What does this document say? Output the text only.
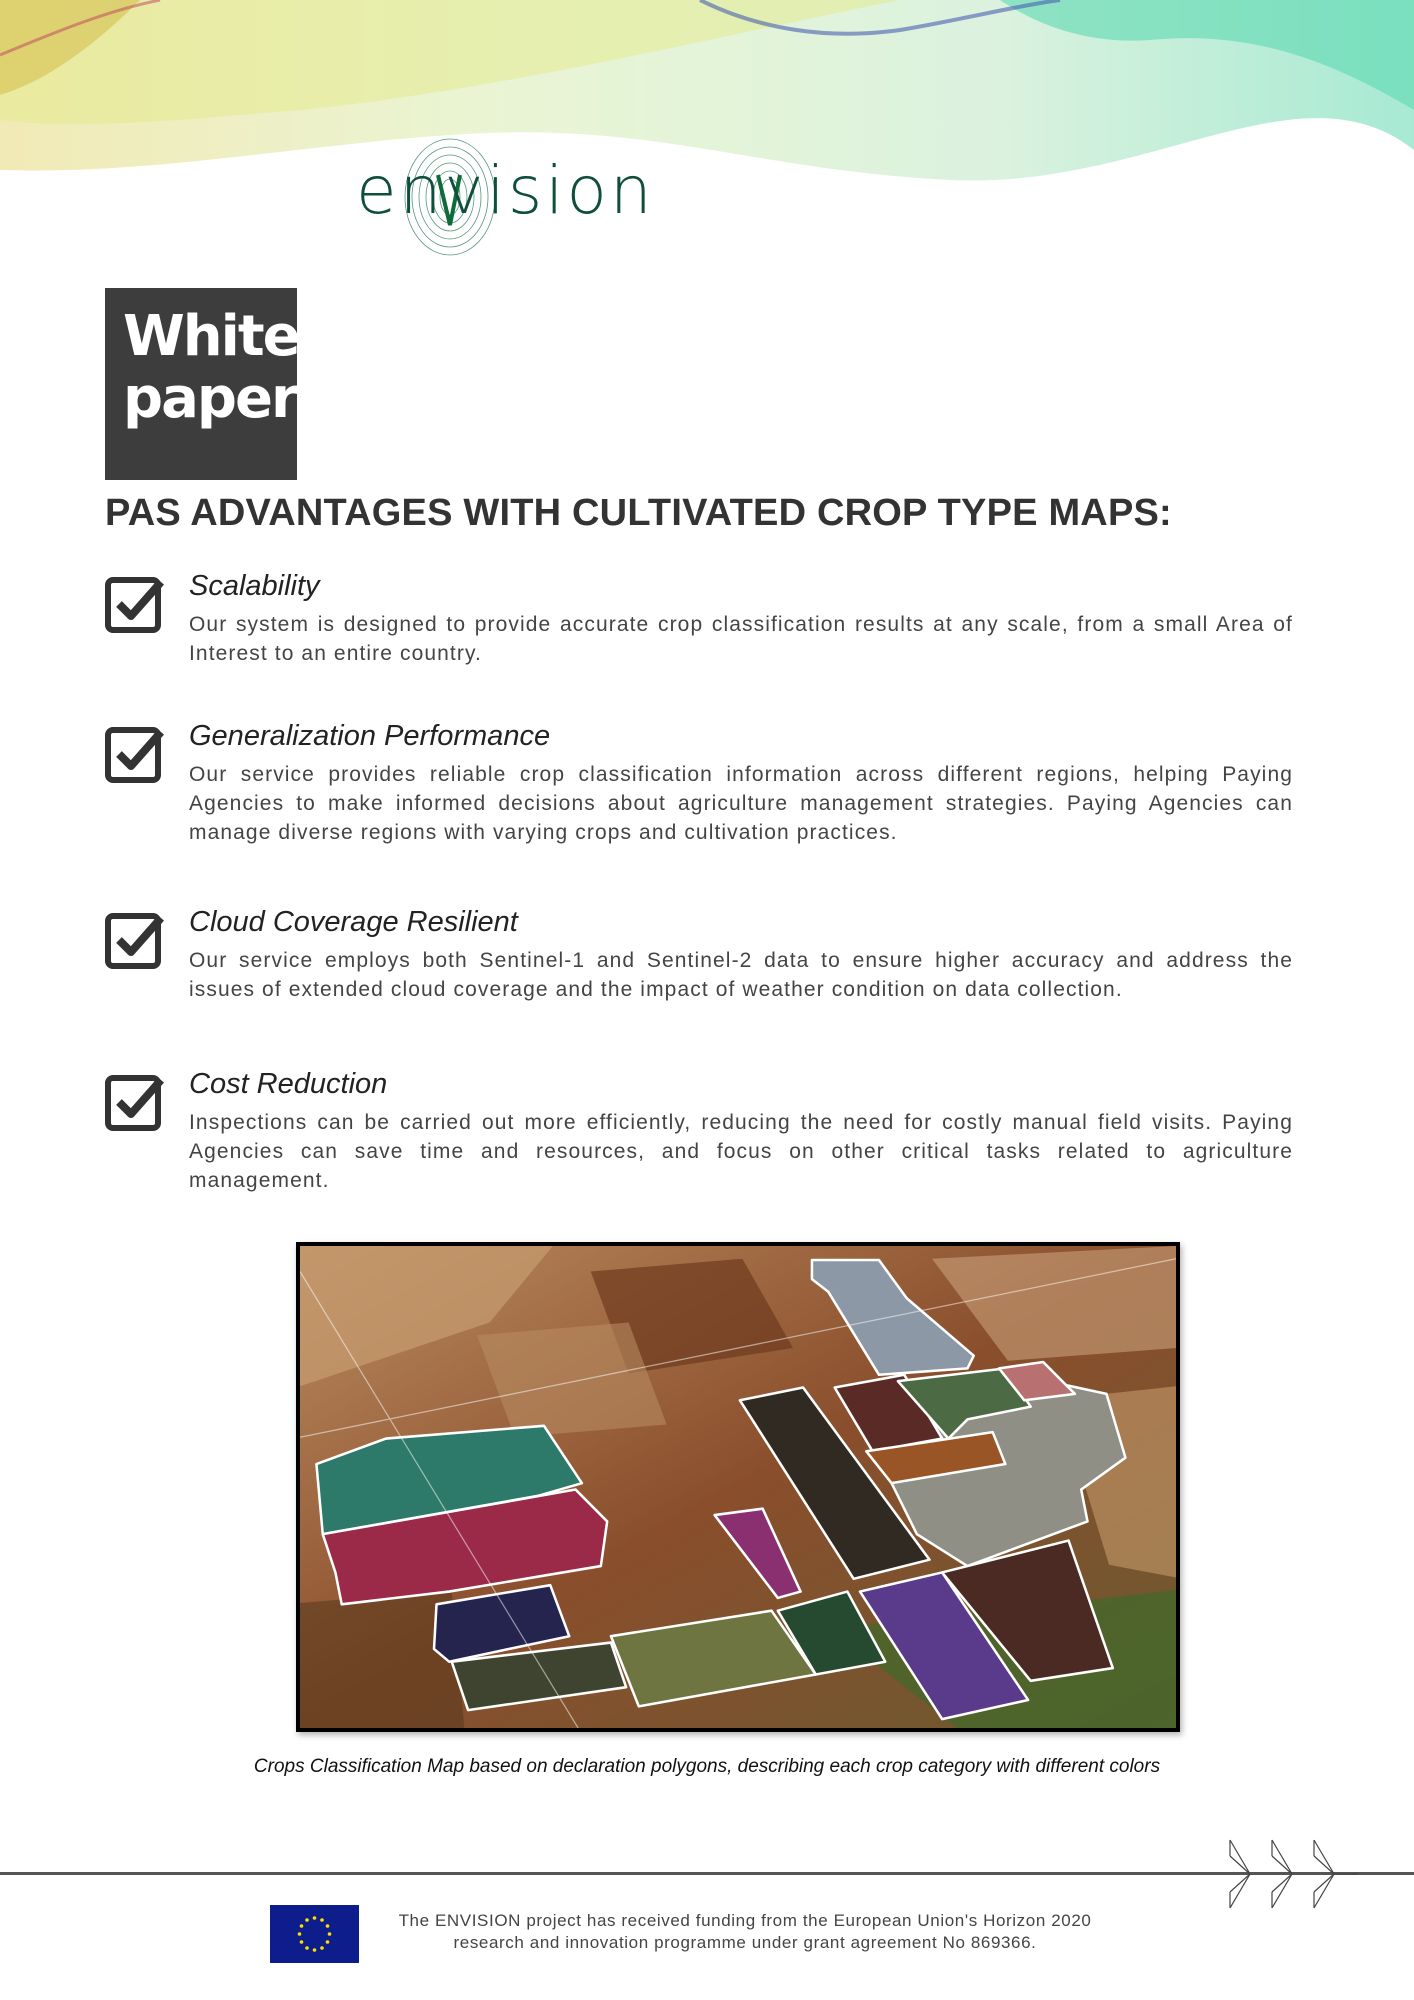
envision
White
paper
PAS ADVANTAGES WITH CULTIVATED CROP TYPE MAPS:
Scalability
Our system is designed to provide accurate crop classification results at any scale, from a small Area of Interest to an entire country.
Generalization Performance
Our service provides reliable crop classification information across different regions, helping Paying Agencies to make informed decisions about agriculture management strategies. Paying Agencies can manage diverse regions with varying crops and cultivation practices.
Cloud Coverage Resilient
Our service employs both Sentinel-1 and Sentinel-2 data to ensure higher accuracy and address the issues of extended cloud coverage and the impact of weather condition on data collection.
Cost Reduction
Inspections can be carried out more efficiently, reducing the need for costly manual field visits. Paying Agencies can save time and resources, and focus on other critical tasks related to agriculture management.
Crops Classification Map based on declaration polygons, describing each crop category with different colors
The ENVISION project has received funding from the European Union's Horizon 2020
research and innovation programme under grant agreement No 869366.
